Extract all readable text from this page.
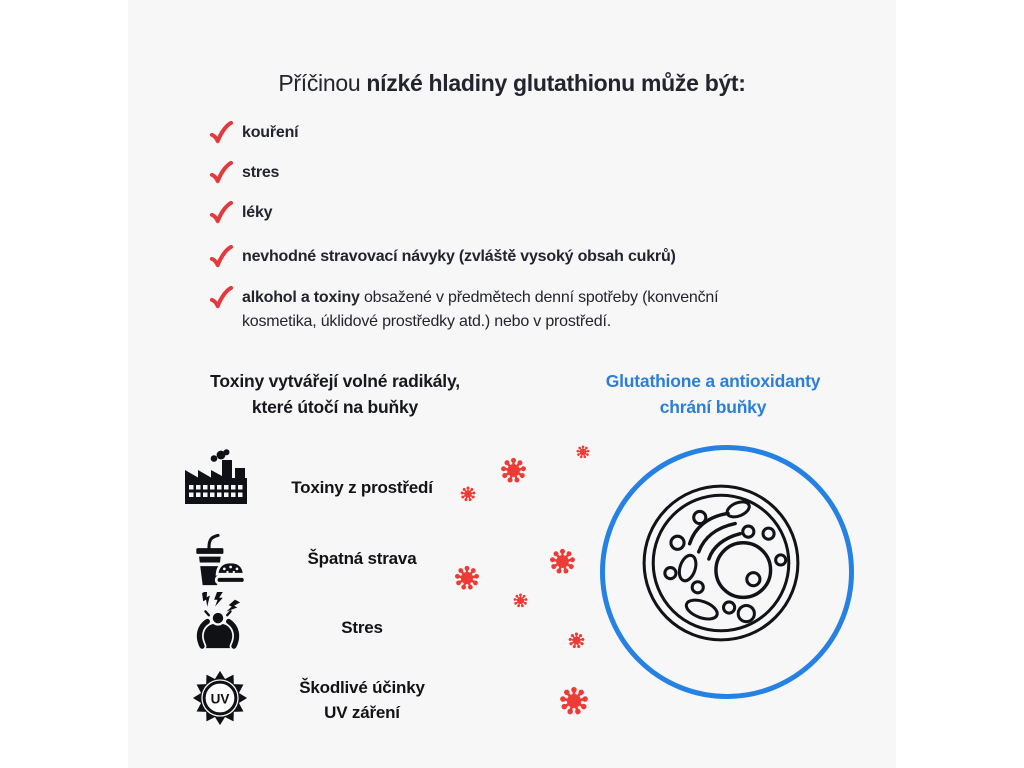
Příčinou nízké hladiny glutathionu může být:

kouření

stres

léky

nevhodné stravovací návyky (zvláště vysoký obsah cukrů)

alkohol a toxiny obsažené v předmětech denní spotřeby (konvenční kosmetika, úklidové prostředky atd.) nebo v prostředí.

Toxiny vytvářejí volné radikály,
které útočí na buňky

Glutathione a antioxidanty
chrání buňky

Toxiny z prostředí

Špatná strava

Škodlivé účinky
UV záření

Stres

UV
